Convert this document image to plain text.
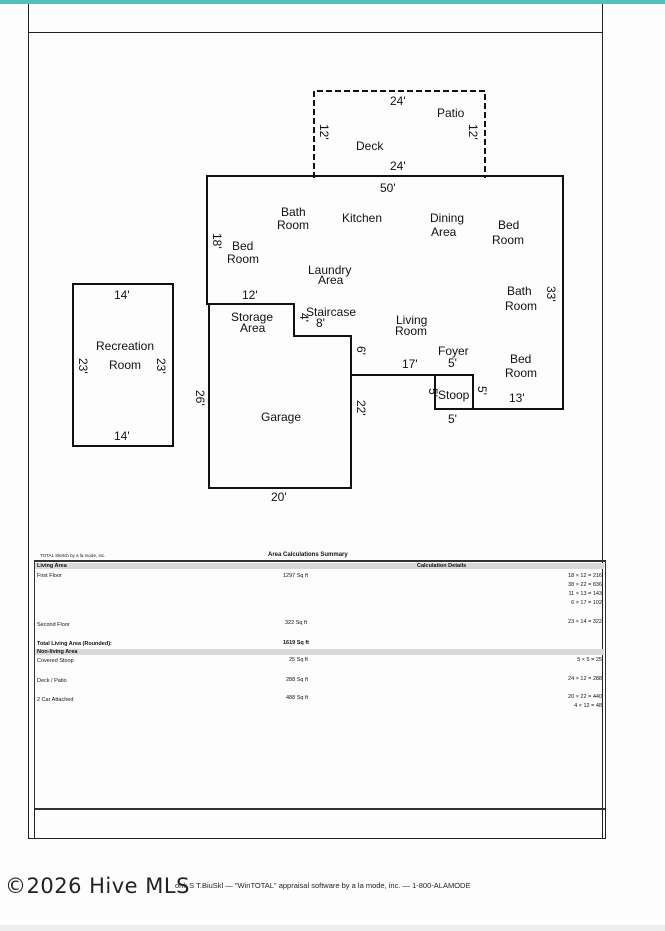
Patio
Deck
Bath
Room	Kitchen	Dining
Area	Bed
Room
Bed
Room
Laundry
Area
Bath
Room
Storage
Area
Staircase
Living
Room
Foyer
Bed
Room
Stoop
Garage
Recreation
Room
24'
12'	12'
24'
50'
18'
33'
12'
4' 8'
6'
17'	5'
5'	5'
5'
13'
26'
22'
20'
14'
23'	23'
14'
TOTAL Sketch by a la mode, inc.	Area Calculations Summary
Living Area	Calculation Details
First Floor	1297 Sq ft	18 × 12 = 216
38 × 22 = 836
11 × 13 = 143
6 × 17 = 102
Second Floor	322 Sq ft	23 × 14 = 322
Total Living Area (Rounded):	1619 Sq ft
Non-living Area
Covered Stoop	25 Sq ft	5 × 5 = 25
Deck / Patio	288 Sq ft	24 × 12 = 288
2 Car Attached	488 Sq ft	20 × 22 = 440
4 × 12 = 48
onl: S T.BiuSkl — "WinTOTAL" appraisal software by a la mode, inc. — 1-800-ALAMODE
©2026 Hive MLS
